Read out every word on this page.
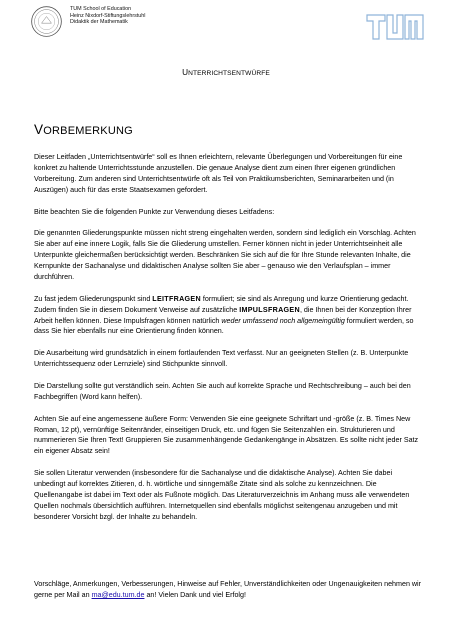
TUM School of Education
Heinz Nixdorf-Stiftungslehrstuhl
Didaktik der Mathematik
UNTERRICHTSENTWÜRFE
VORBEMERKUNG

Dieser Leitfaden „Unterrichtsentwürfe“ soll es Ihnen erleichtern, relevante Überlegungen und Vorbereitungen für eine konkret zu haltende Unterrichtsstunde anzustellen. Die genaue Analyse dient zum einen Ihrer eigenen gründlichen Vorbereitung. Zum anderen sind Unterrichtsentwürfe oft als Teil von Praktikumsberichten, Seminararbeiten und (in Auszügen) auch für das erste Staatsexamen gefordert.

Bitte beachten Sie die folgenden Punkte zur Verwendung dieses Leitfadens:

Die genannten Gliederungspunkte müssen nicht streng eingehalten werden, sondern sind lediglich ein Vorschlag. Achten Sie aber auf eine innere Logik, falls Sie die Gliederung umstellen. Ferner können nicht in jeder Unterrichtseinheit alle Unterpunkte gleichermaßen berücksichtigt werden. Beschränken Sie sich auf die für Ihre Stunde relevanten Inhalte, die Kernpunkte der Sachanalyse und didaktischen Analyse sollten Sie aber – genauso wie den Verlaufsplan – immer durchführen.

Zu fast jedem Gliederungspunkt sind LEITFRAGEN formuliert; sie sind als Anregung und kurze Orientierung gedacht. Zudem finden Sie in diesem Dokument Verweise auf zusätzliche IMPULSFRAGEN, die Ihnen bei der Konzeption Ihrer Arbeit helfen können. Diese Impulsfragen können natürlich weder umfassend noch allgemeingültig formuliert werden, so dass Sie hier ebenfalls nur eine Orientierung finden können.

Die Ausarbeitung wird grundsätzlich in einem fortlaufenden Text verfasst. Nur an geeigneten Stellen (z. B. Unterpunkte Unterrichtssequenz oder Lernziele) sind Stichpunkte sinnvoll.

Die Darstellung sollte gut verständlich sein. Achten Sie auch auf korrekte Sprache und Rechtschreibung – auch bei den Fachbegriffen (Word kann helfen).

Achten Sie auf eine angemessene äußere Form: Verwenden Sie eine geeignete Schriftart und -größe (z. B. Times New Roman, 12 pt), vernünftige Seitenränder, einseitigen Druck, etc. und fügen Sie Seitenzahlen ein. Strukturieren und nummerieren Sie Ihren Text! Gruppieren Sie zusammenhängende Gedankengänge in Absätzen. Es sollte nicht jeder Satz ein eigener Absatz sein!

Sie sollen Literatur verwenden (insbesondere für die Sachanalyse und die didaktische Analyse). Achten Sie dabei unbedingt auf korrektes Zitieren, d. h. wörtliche und sinngemäße Zitate sind als solche zu kennzeichnen. Die Quellenangabe ist dabei im Text oder als Fußnote möglich. Das Literaturverzeichnis im Anhang muss alle verwendeten Quellen nochmals übersichtlich aufführen. Internetquellen sind ebenfalls möglichst seitengenau anzugeben und mit besonderer Vorsicht bzgl. der Inhalte zu behandeln.

Vorschläge, Anmerkungen, Verbesserungen, Hinweise auf Fehler, Unverständlichkeiten oder Ungenauigkeiten nehmen wir gerne per Mail an ma@edu.tum.de an! Vielen Dank und viel Erfolg!
